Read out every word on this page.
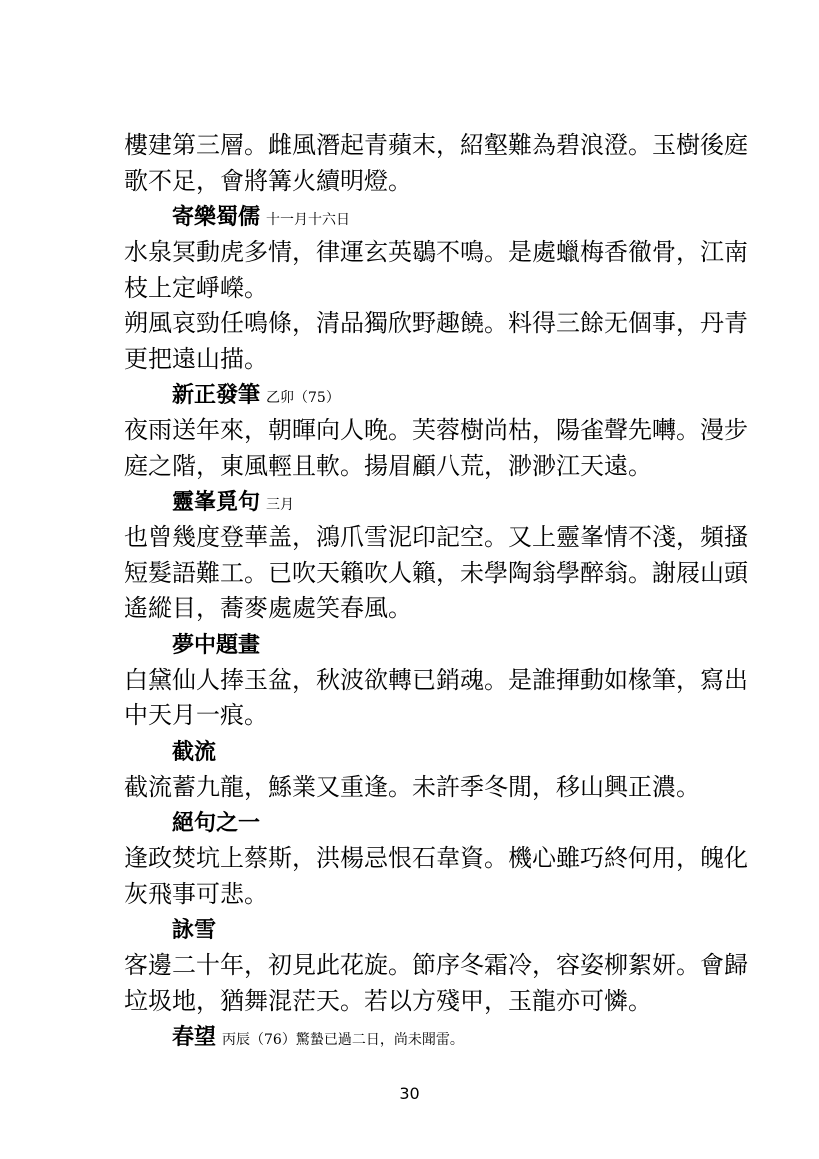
樓建第三層。雌風潛起青蘋末，紹壑難為碧浪澄。玉樹後庭
歌不足，會將篝火續明燈。
寄樂蜀儒 十一月十六日
水泉冥動虎多情，律運玄英鶡不鳴。是處蠟梅香徹骨，江南
枝上定崢嶸。
朔風哀勁任鳴條，清品獨欣野趣饒。料得三餘无個事，丹青
更把遠山描。
新正發筆 乙卯（75）
夜雨送年來，朝暉向人晚。芙蓉樹尚枯，陽雀聲先囀。漫步
庭之階，東風輕且軟。揚眉顧八荒，渺渺江天遠。
靈峯覓句 三月
也曾幾度登華盖，鴻爪雪泥印記空。又上靈峯情不淺，頻搔
短髮語難工。已吹天籟吹人籟，未學陶翁學醉翁。謝屐山頭
遙縱目，蕎麥處處笑春風。
夢中題畫
白黛仙人捧玉盆，秋波欲轉已銷魂。是誰揮動如椽筆，寫出
中天月一痕。
截流
截流蓄九龍，鯀業又重逢。未許季冬閒，移山興正濃。
絕句之一
逢政焚坑上蔡斯，洪楊忌恨石韋資。機心雖巧終何用，魄化
灰飛事可悲。
詠雪
客邊二十年，初見此花旋。節序冬霜冷，容姿柳絮妍。會歸
垃圾地，猶舞混茫天。若以方殘甲，玉龍亦可憐。
春望 丙辰（76）驚蟄已過二日，尚未聞雷。
30
